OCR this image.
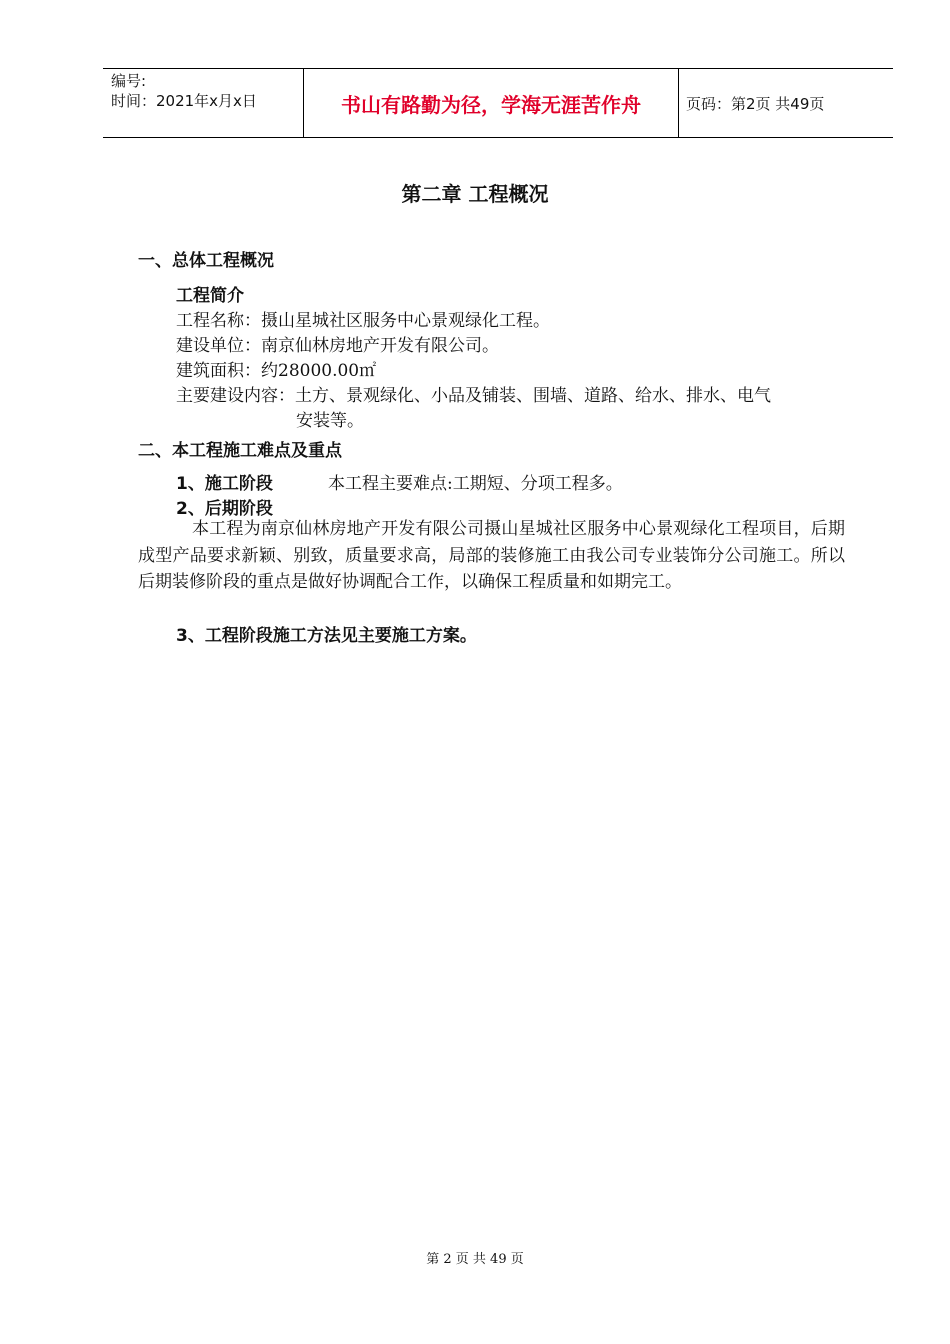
编号:
时间：2021年x月x日	书山有路勤为径，学海无涯苦作舟	页码：第2页 共49页
第二章 工程概况
一、总体工程概况
工程简介
工程名称：摄山星城社区服务中心景观绿化工程。
建设单位：南京仙林房地产开发有限公司。
建筑面积：约28000.00㎡
主要建设内容：土方、景观绿化、小品及铺装、围墙、道路、给水、排水、电气
安装等。
二、本工程施工难点及重点
1、施工阶段	本工程主要难点:工期短、分项工程多。
2、后期阶段
本工程为南京仙林房地产开发有限公司摄山星城社区服务中心景观绿化工程项目，后期成型产品要求新颖、别致，质量要求高，局部的装修施工由我公司专业装饰分公司施工。所以后期装修阶段的重点是做好协调配合工作，以确保工程质量和如期完工。
3、工程阶段施工方法见主要施工方案。
第 2 页 共 49 页
